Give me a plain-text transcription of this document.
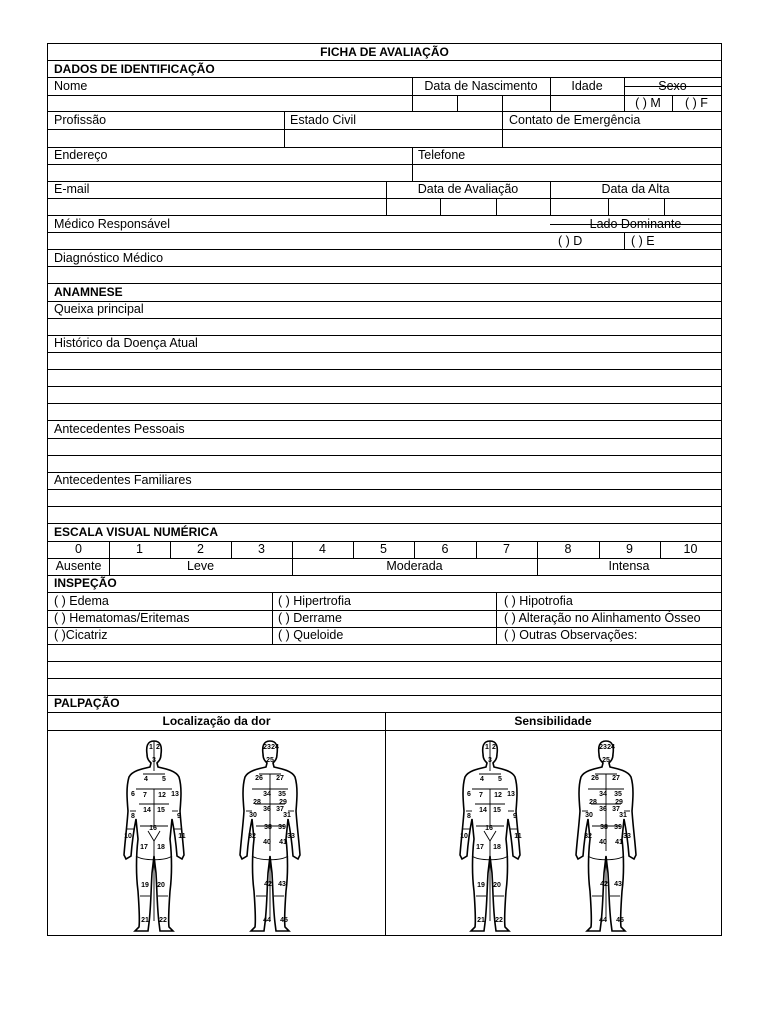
FICHA DE AVALIAÇÃO
DADOS DE IDENTIFICAÇÃO
Nome	Data de Nascimento	Idade	Sexo
( ) M	( ) F
Profissão	Estado Civil	Contato de Emergência
Endereço	Telefone
E-mail	Data de Avaliação	Data da Alta
Médico Responsável	Lado Dominante
( ) D	( ) E
Diagnóstico Médico
ANAMNESE
Queixa principal
Histórico da Doença Atual
Antecedentes Pessoais
Antecedentes Familiares
ESCALA VISUAL NUMÉRICA
0	1	2	3	4	5	6	7	8	9	10
Ausente	Leve	Moderada	Intensa
INSPEÇÃO
( ) Edema	( ) Hipertrofia	( ) Hipotrofia
( ) Hematomas/Eritemas	( ) Derrame	( ) Alteração no Alinhamento Ósseo
( )Cicatriz	( ) Queloide	( ) Outras Observações:
PALPAÇÃO
Localização da dor	Sensibilidade
1 2
3
4 5
6 7 12 13
8
14 15
9
10
16
11
17 18
19 20
21 22
23 24
25
26 27
34 35
28	29
36 37
30	31
38 39
32	33
40 41
42 43
44 45
1 2
3
4 5
6 7 12 13
8
14 15
9
10
16
11
17 18
19 20
21 22
23 24
25
26 27
34 35
28	29
36 37
30	31
38 39
32	33
40 41
42 43
44 45
